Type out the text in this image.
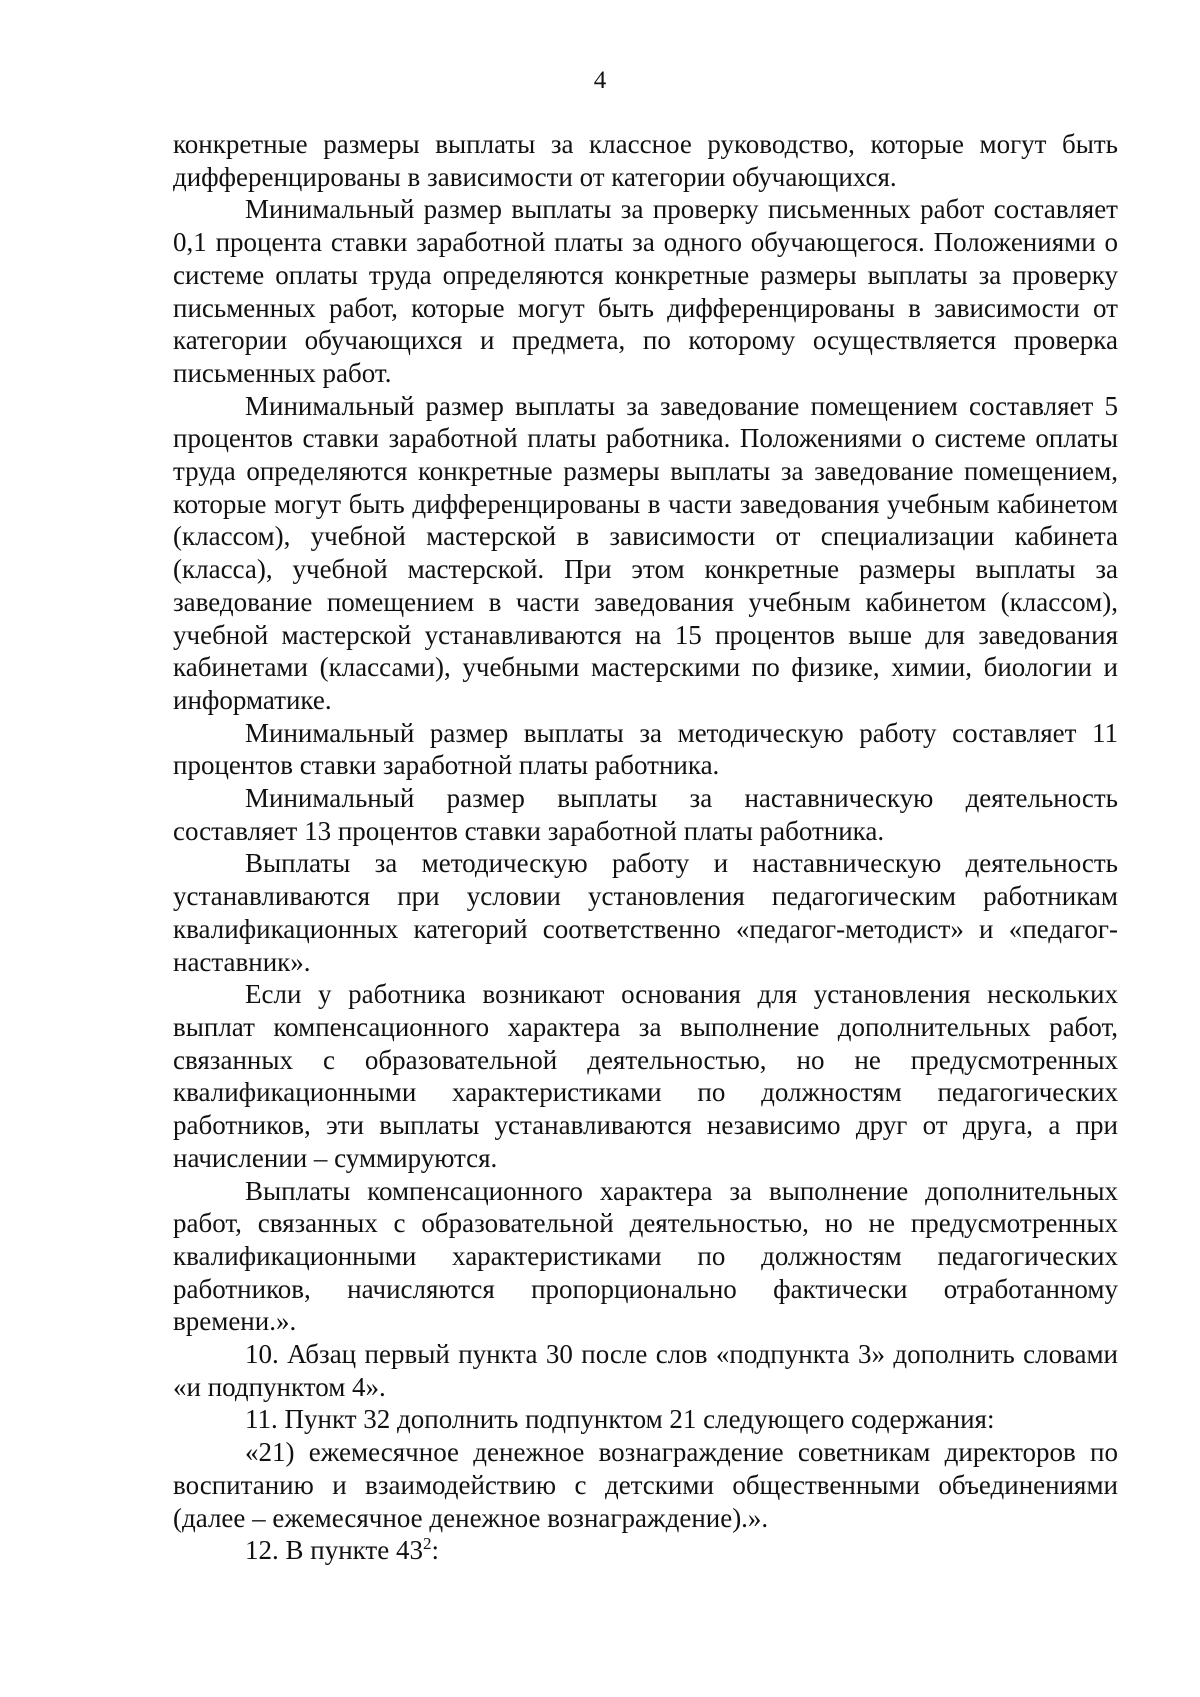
4

конкретные размеры выплаты за классное руководство, которые могут быть дифференцированы в зависимости от категории обучающихся.

Минимальный размер выплаты за проверку письменных работ составляет 0,1 процента ставки заработной платы за одного обучающегося. Положениями о системе оплаты труда определяются конкретные размеры выплаты за проверку письменных работ, которые могут быть дифференцированы в зависимости от категории обучающихся и предмета, по которому осуществляется проверка письменных работ.

Минимальный размер выплаты за заведование помещением составляет 5 процентов ставки заработной платы работника. Положениями о системе оплаты труда определяются конкретные размеры выплаты за заведование помещением, которые могут быть дифференцированы в части заведования учебным кабинетом (классом), учебной мастерской в зависимости от специализации кабинета (класса), учебной мастерской. При этом конкретные размеры выплаты за заведование помещением в части заведования учебным кабинетом (классом), учебной мастерской устанавливаются на 15 процентов выше для заведования кабинетами (классами), учебными мастерскими по физике, химии, биологии и информатике.

Минимальный размер выплаты за методическую работу составляет 11 процентов ставки заработной платы работника.

Минимальный размер выплаты за наставническую деятельность составляет 13 процентов ставки заработной платы работника.

Выплаты за методическую работу и наставническую деятельность устанавливаются при условии установления педагогическим работникам квалификационных категорий соответственно «педагог-методист» и «педагог-наставник».

Если у работника возникают основания для установления нескольких выплат компенсационного характера за выполнение дополнительных работ, связанных с образовательной деятельностью, но не предусмотренных квалификационными характеристиками по должностям педагогических работников, эти выплаты устанавливаются независимо друг от друга, а при начислении – суммируются.

Выплаты компенсационного характера за выполнение дополнительных работ, связанных с образовательной деятельностью, но не предусмотренных квалификационными характеристиками по должностям педагогических работников, начисляются пропорционально фактически отработанному времени.».

10. Абзац первый пункта 30 после слов «подпункта 3» дополнить словами «и подпунктом 4».

11. Пункт 32 дополнить подпунктом 21 следующего содержания:

«21) ежемесячное денежное вознаграждение советникам директоров по воспитанию и взаимодействию с детскими общественными объединениями (далее – ежемесячное денежное вознаграждение).».

12. В пункте $43^2$:
